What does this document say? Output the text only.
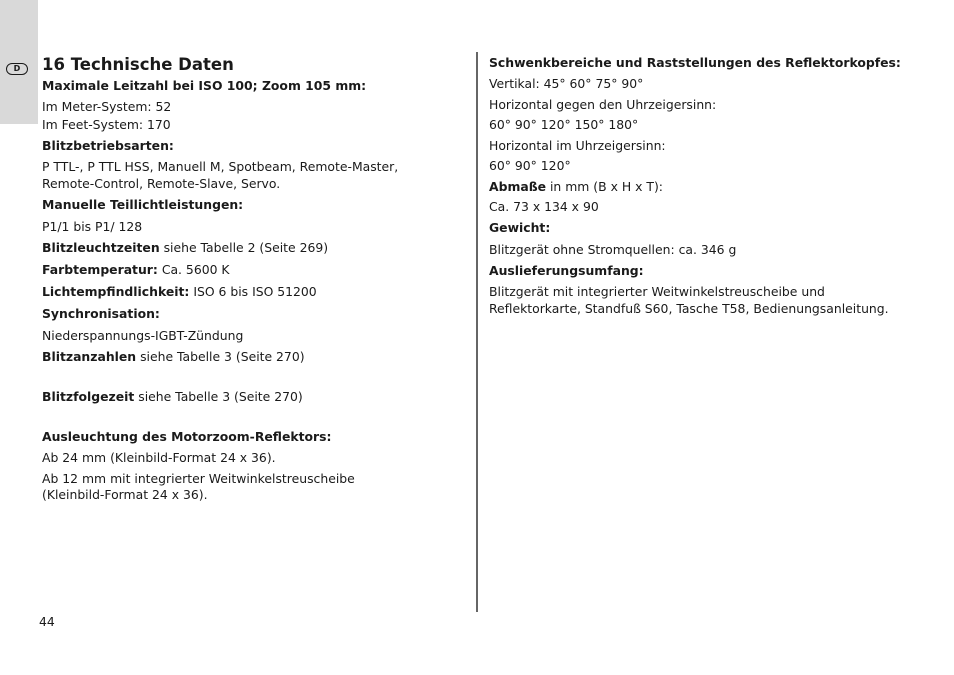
D	16 Technische Daten
Maximale Leitzahl bei ISO 100; Zoom 105 mm:
Im Meter-System: 52
Im Feet-System: 170
Blitzbetriebsarten:
P TTL-, P TTL HSS, Manuell M, Spotbeam, Remote-Master,
Remote-Control, Remote-Slave, Servo.
Manuelle Teillichtleistungen:
P1/1 bis P1/ 128
Blitzleuchtzeiten siehe Tabelle 2 (Seite 269)
Farbtemperatur: Ca. 5600 K
Lichtempfindlichkeit: ISO 6 bis ISO 51200
Synchronisation:
Niederspannungs-IGBT-Zündung
Blitzanzahlen siehe Tabelle 3 (Seite 270)
Blitzfolgezeit siehe Tabelle 3 (Seite 270)
Ausleuchtung des Motorzoom-Reflektors:
Ab 24 mm (Kleinbild-Format 24 x 36).
Ab 12 mm mit integrierter Weitwinkelstreuscheibe
(Kleinbild-Format 24 x 36).
Schwenkbereiche und Raststellungen des Reflektorkopfes:
Vertikal: 45° 60° 75° 90°
Horizontal gegen den Uhrzeigersinn:
60° 90° 120° 150° 180°
Horizontal im Uhrzeigersinn:
60° 90° 120°
Abmaße in mm (B x H x T):
Ca. 73 x 134 x 90
Gewicht:
Blitzgerät ohne Stromquellen: ca. 346 g
Auslieferungsumfang:
Blitzgerät mit integrierter Weitwinkelstreuscheibe und
Reflektorkarte, Standfuß S60, Tasche T58, Bedienungsanleitung.
44
